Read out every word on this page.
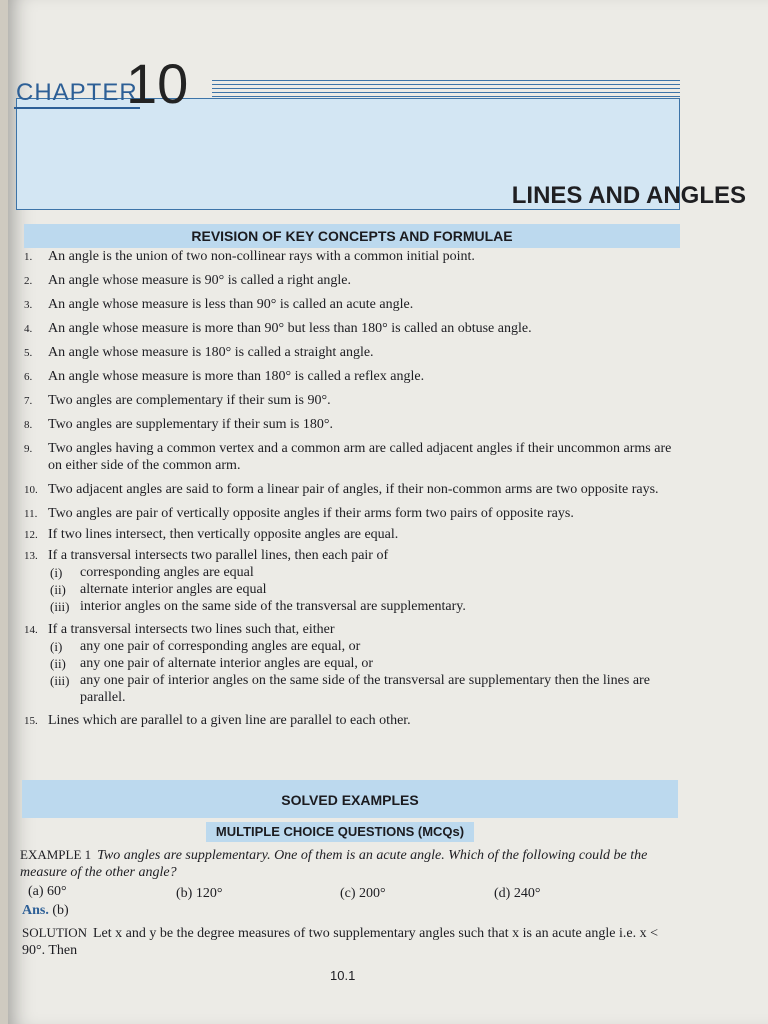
CHAPTER
10
LINES AND ANGLES
REVISION OF KEY CONCEPTS AND FORMULAE
1. An angle is the union of two non-collinear rays with a common initial point.
2. An angle whose measure is 90° is called a right angle.
3. An angle whose measure is less than 90° is called an acute angle.
4. An angle whose measure is more than 90° but less than 180° is called an obtuse angle.
5. An angle whose measure is 180° is called a straight angle.
6. An angle whose measure is more than 180° is called a reflex angle.
7. Two angles are complementary if their sum is 90°.
8. Two angles are supplementary if their sum is 180°.
9. Two angles having a common vertex and a common arm are called adjacent angles if their uncommon arms are on either side of the common arm.
10. Two adjacent angles are said to form a linear pair of angles, if their non-common arms are two opposite rays.
11. Two angles are pair of vertically opposite angles if their arms form two pairs of opposite rays.
12. If two lines intersect, then vertically opposite angles are equal.
13. If a transversal intersects two parallel lines, then each pair of
(i) corresponding angles are equal
(ii) alternate interior angles are equal
(iii) interior angles on the same side of the transversal are supplementary.
14. If a transversal intersects two lines such that, either
(i) any one pair of corresponding angles are equal, or
(ii) any one pair of alternate interior angles are equal, or
(iii) any one pair of interior angles on the same side of the transversal are supplementary then the lines are parallel.
15. Lines which are parallel to a given line are parallel to each other.
SOLVED EXAMPLES
MULTIPLE CHOICE QUESTIONS (MCQs)
EXAMPLE 1 Two angles are supplementary. One of them is an acute angle. Which of the following could be the measure of the other angle?
(a) 60°	(b) 120°	(c) 200°	(d) 240°
Ans. (b)
SOLUTION Let x and y be the degree measures of two supplementary angles such that x is an acute angle i.e. x < 90°. Then
10.1
